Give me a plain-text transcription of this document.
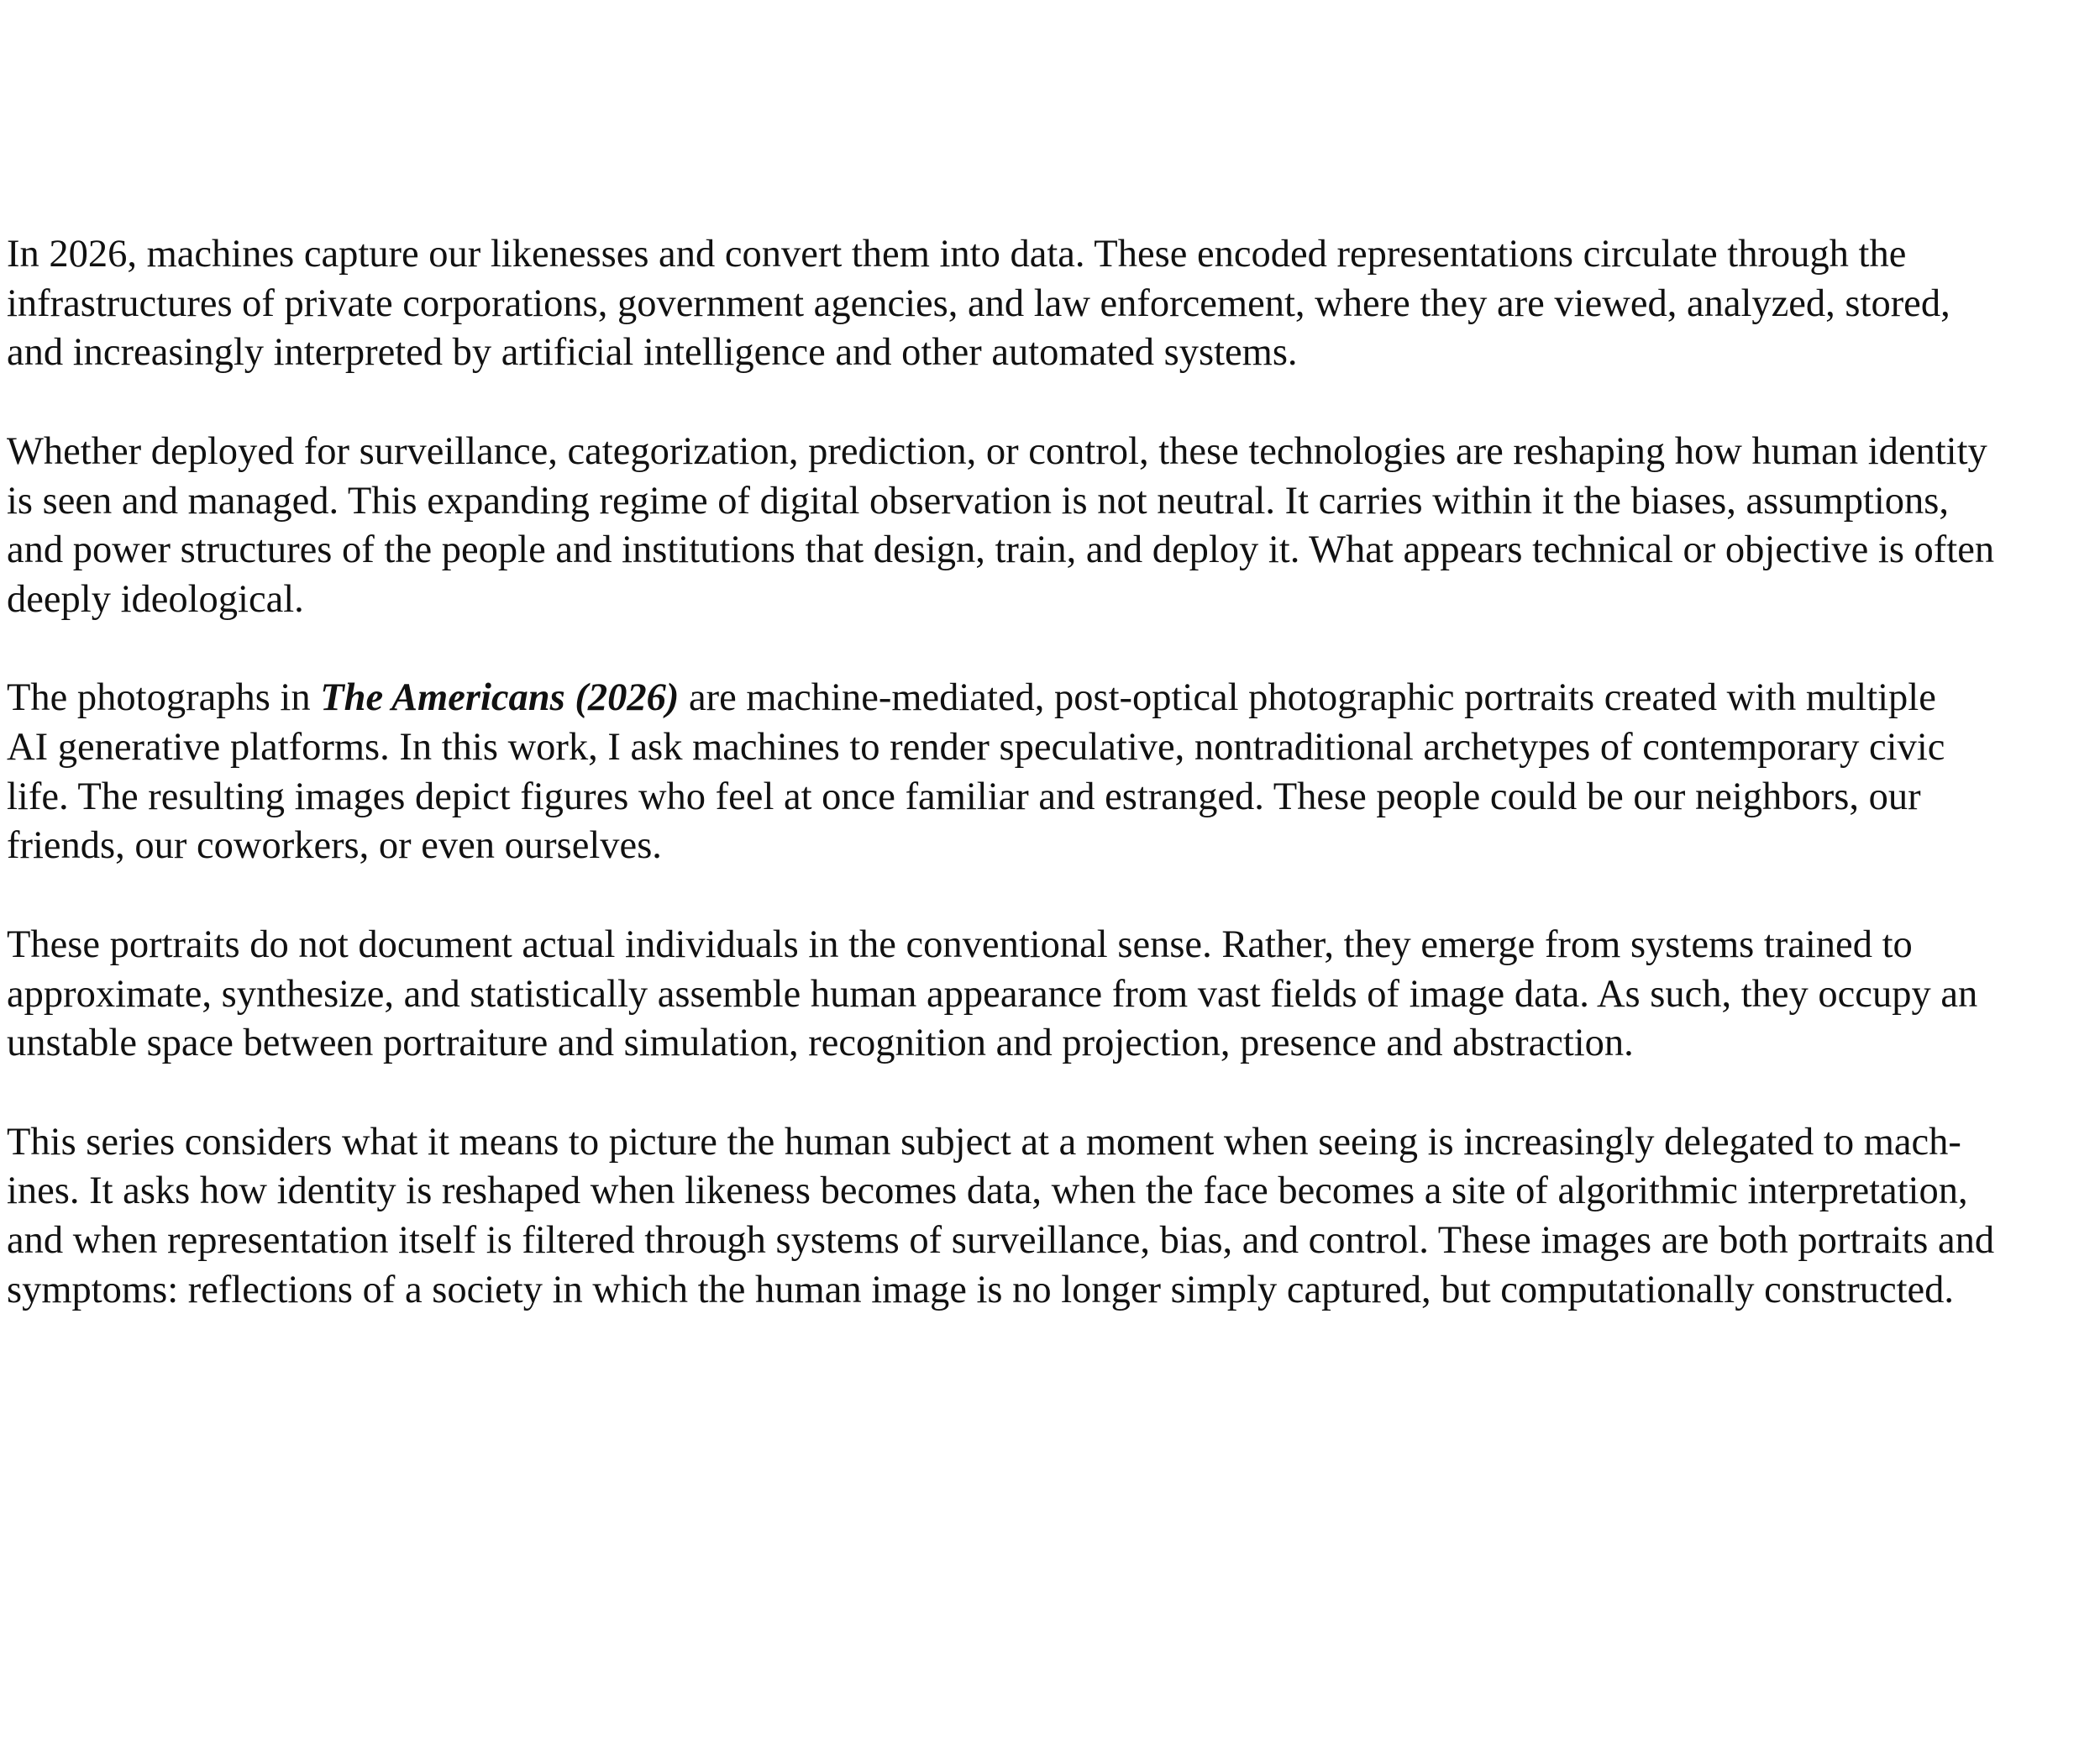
In 2026, machines capture our likenesses and convert them into data. These encoded representations circulate through the
infrastructures of private corporations, government agencies, and law enforcement, where they are viewed, analyzed, stored,
and increasingly interpreted by artificial intelligence and other automated systems.

Whether deployed for surveillance, categorization, prediction, or control, these technologies are reshaping how human identity
is seen and managed. This expanding regime of digital observation is not neutral. It carries within it the biases, assumptions,
and power structures of the people and institutions that design, train, and deploy it. What appears technical or objective is often
deeply ideological.

The photographs in The Americans (2026) are machine-mediated, post-optical photographic portraits created with multiple
AI generative platforms. In this work, I ask machines to render speculative, nontraditional archetypes of contemporary civic
life. The resulting images depict figures who feel at once familiar and estranged. These people could be our neighbors, our
friends, our coworkers, or even ourselves.

These portraits do not document actual individuals in the conventional sense. Rather, they emerge from systems trained to
approximate, synthesize, and statistically assemble human appearance from vast fields of image data. As such, they occupy an
unstable space between portraiture and simulation, recognition and projection, presence and abstraction.

This series considers what it means to picture the human subject at a moment when seeing is increasingly delegated to mach-
ines. It asks how identity is reshaped when likeness becomes data, when the face becomes a site of algorithmic interpretation,
and when representation itself is filtered through systems of surveillance, bias, and control. These images are both portraits and
symptoms: reflections of a society in which the human image is no longer simply captured, but computationally constructed.
